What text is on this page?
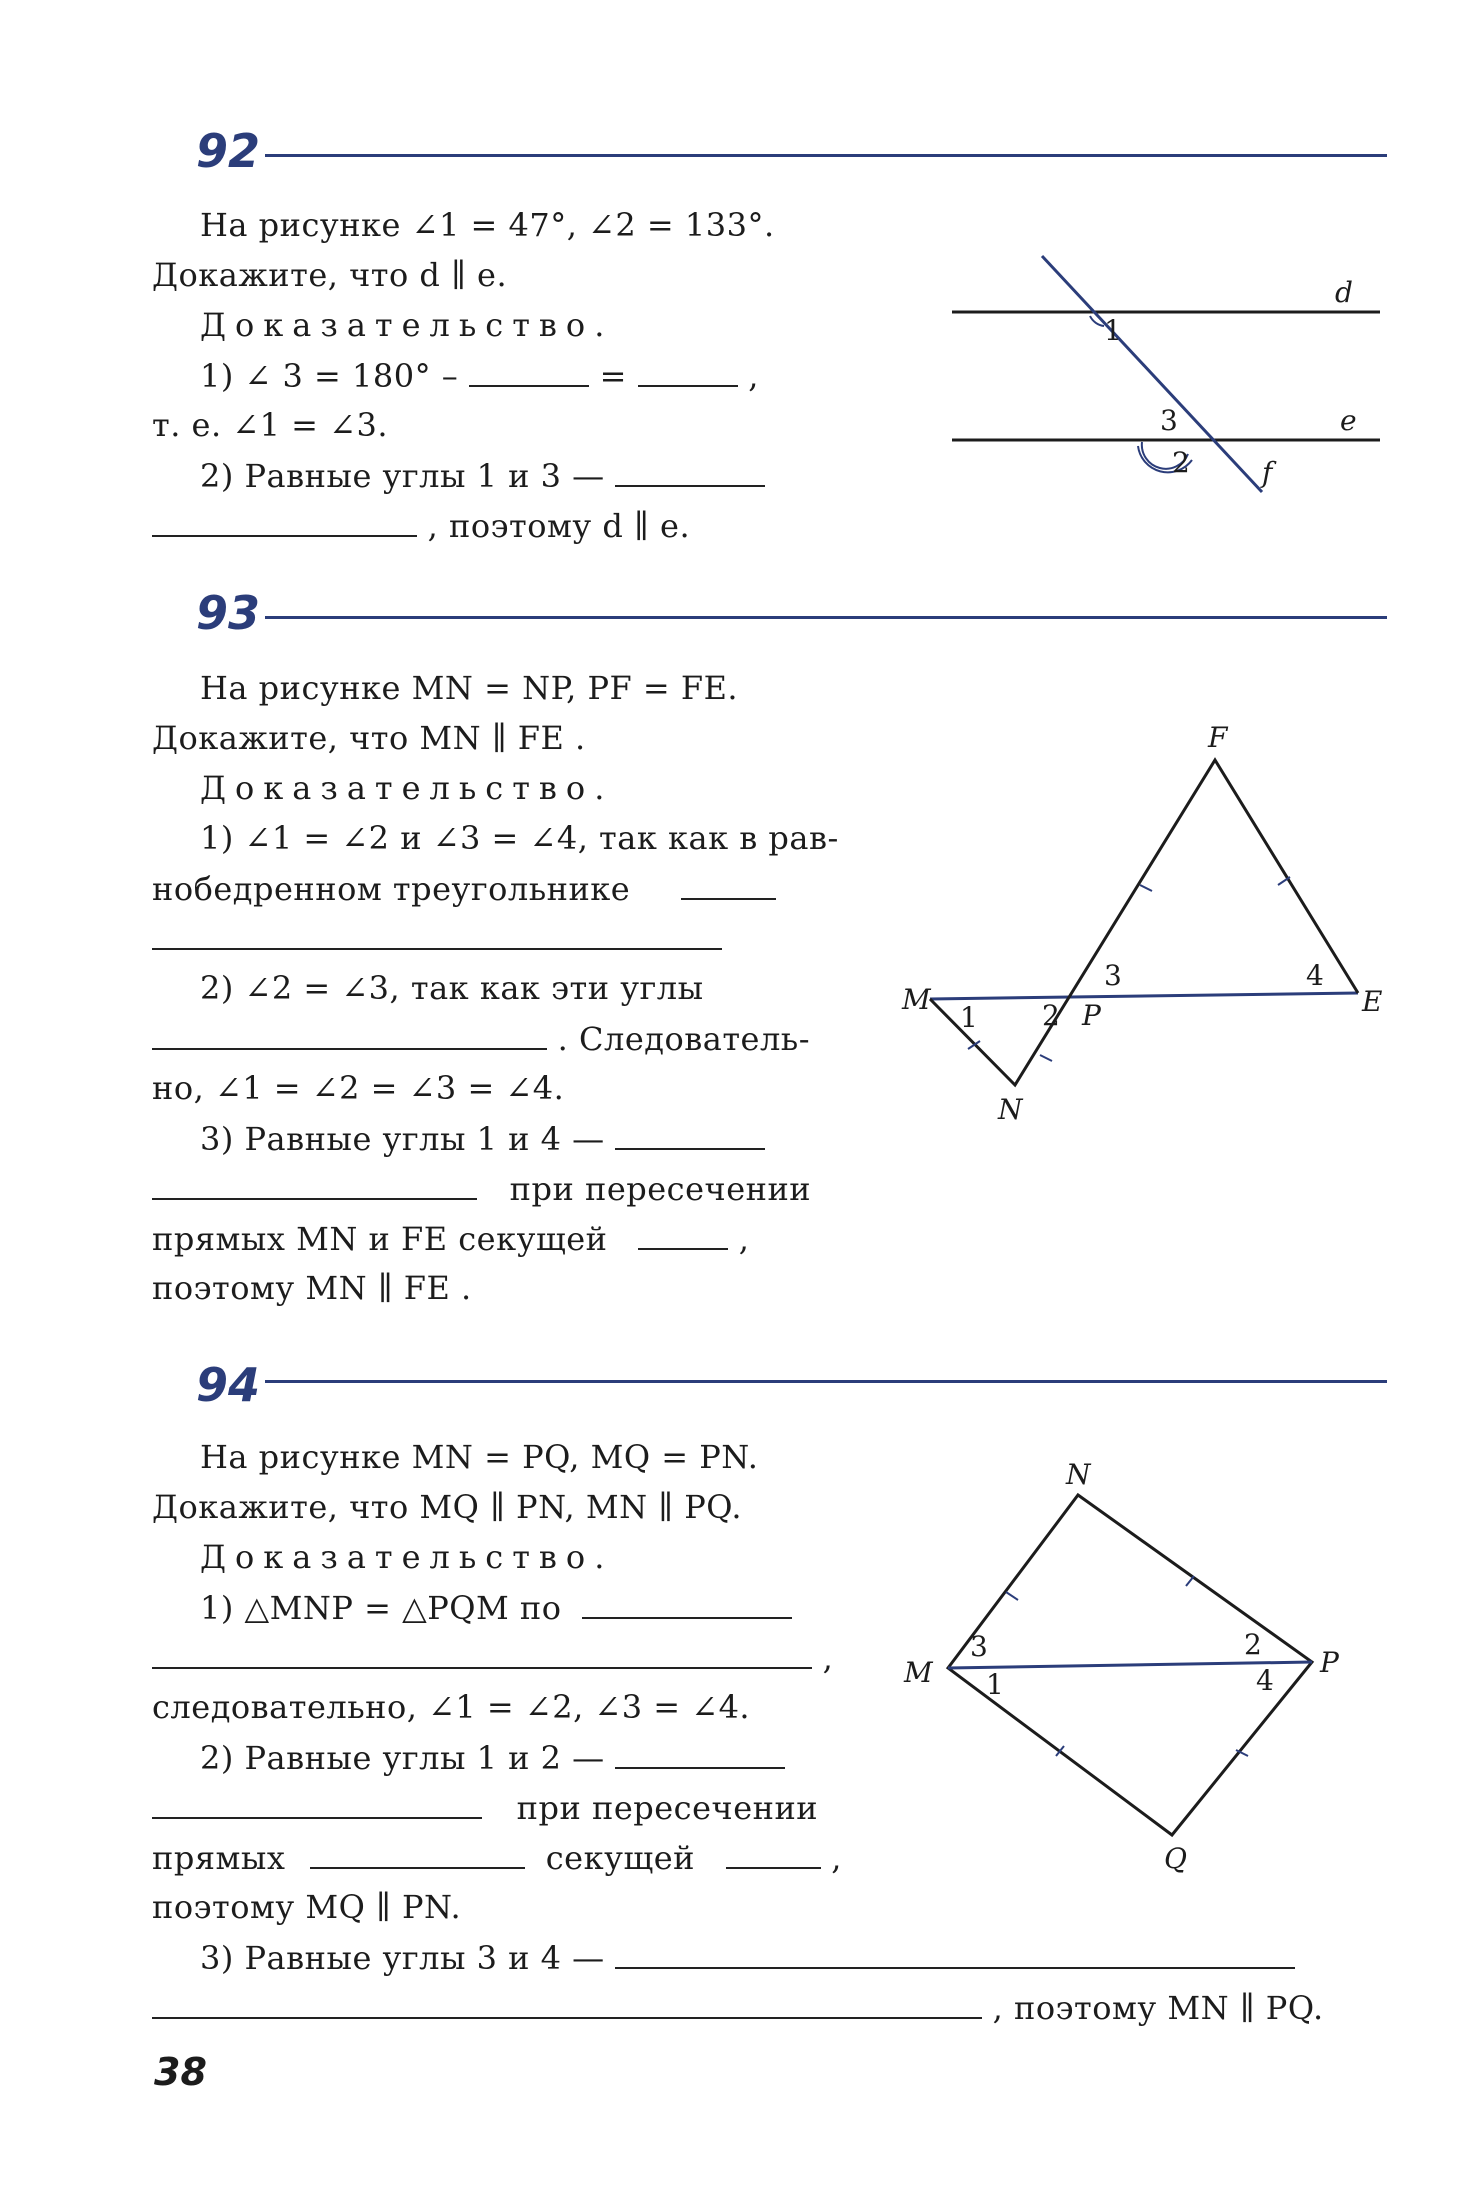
92
На рисунке ∠1 = 47°, ∠2 = 133°.
Докажите, что d ∥ e.
Доказательство.
1) ∠ 3 = 180° –	=	,
т. е. ∠1 = ∠3.
2) Равные углы 1 и 3 —
, поэтому d ∥ e.
d
e
f
1
3
2
93
На рисунке MN = NP, PF = FE.
Докажите, что MN ∥ FE .
Доказательство.
1) ∠1 = ∠2 и ∠3 = ∠4, так как в рав-
нобедренном треугольнике
2) ∠2 = ∠3, так как эти углы
. Следователь-
но, ∠1 = ∠2 = ∠3 = ∠4.
3) Равные углы 1 и 4 —
при пересечении
прямых MN и FE секущей	,
поэтому MN ∥ FE .
F
M	E
P
N
1 2
3	4
94
На рисунке MN = PQ, MQ = PN.
Докажите, что MQ ∥ PN, MN ∥ PQ.
Доказательство.
1) △MNP = △PQM по
,
следовательно, ∠1 = ∠2, ∠3 = ∠4.
2) Равные углы 1 и 2 —
при пересечении
прямых	секущей	,
поэтому MQ ∥ PN.
3) Равные углы 3 и 4 —
, поэтому MN ∥ PQ.
N
M	P
Q
3
1
2
4
38
